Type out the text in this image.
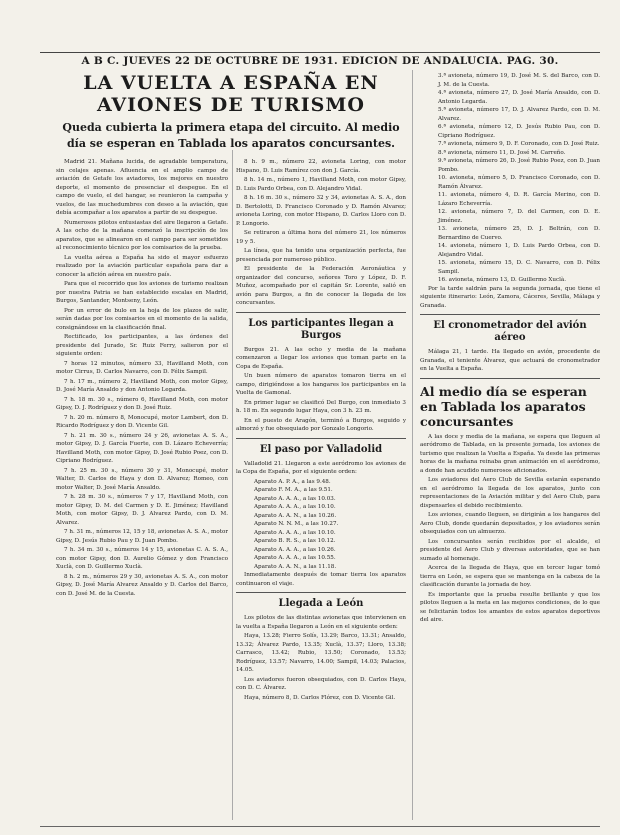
A B C. JUEVES 22 DE OCTUBRE DE 1931. EDICION DE ANDALUCIA. PAG. 30.
LA VUELTA A ESPAÑA EN AVIONES DE TURISMO
Queda cubierta la primera etapa del circuito. Al medio día se esperan en Tablada los aparatos concursantes.

Madrid 21. Mañana lucida, de agradable temperatura, sin celajes apenas. Afluencia en el amplio campo de aviación de Getafe los aviadores, los mejores en nuestro deporte, el momento de presenciar el despegue. En el campo de vuelo, el del hangar, se reunieron la campaña y vuelos, de las muchedumbres con deseo a la aviación, que debía acompañar a los aparatos a partir de su despegue.

Numerosos pilotos entusiastas del aire llegaron a Getafe. A las ocho de la mañana comenzó la inscripción de los aparatos, que se alinearon en el campo para ser sometidos al reconocimiento técnico por los comisarios de la prueba.

La vuelta aérea a España ha sido el mayor esfuerzo realizado por la aviación particular española para dar a conocer la afición aérea en nuestro país.

Para que el recorrido que los aviones de turismo realizan por nuestra Patria se han establecido escalas en Madrid, Burgos, Santander, Montseny, León.

Por un error de bulo en la hoja de los plazos de salir, serán dadas por los comisarios en el momento de la salida, consignándose en la clasificación final.

Rectificado, los participantes, a las órdenes del presidente del Jurado, Sr. Ruiz Ferry, salieron por el siguiente orden:

7 horas 12 minutos, número 33, Havilland Moth, con motor Cirrus, D. Carlos Navarro, con D. Félix Sampil.

7 h. 17 m., número 2, Havilland Moth, con motor Gipsy, D. José María Ansaldo y don Antonio Legarda.

7 h. 18 m. 30 s., número 6, Havilland Moth, con motor Gipsy, D. J. Rodríguez y don D. José Ruiz.

7 h. 20 m. número 8, Monocupé, motor Lambert, don D. Ricardo Rodríguez y don D. Vicente Gil.

7 h. 21 m. 30 s., número 24 y 26, avionetas A. S. A., motor Gipsy, D. J. García Fuerte, con D. Lázaro Echeverría; Havilland Moth, con motor Gipsy, D. José Rubio Poez, con D. Cipriano Rodríguez.

7 h. 25 m. 30 s., número 30 y 31, Monocupé, motor Walter, D. Carlos de Haya y don D. Alvarez; Romeo, con motor Walter, D. José María Ansaldo.

7 h. 28 m. 30 s., números 7 y 17, Havilland Moth, con motor Gipsy, D. M. del Carmen y D. E. Jiménez; Havilland Moth, con motor Gipsy, D. J. Alvarez Pardo, con D. M. Alvarez.

7 h. 31 m., números 12, 15 y 18, avionetas A. S. A., motor Gipsy, D. Jesús Rubio Pau y D. Juan Pombo.

7 h. 34 m. 30 s., números 14 y 15, avionetas C. A. S. A., con motor Gipsy, don D. Aurelio Gómez y don Francisco Xuclà, con D. Guillermo Xuclà.

8 h. 2 m., números 29 y 30, avionetas A. S. A., con motor Gipsy, D. José María Alvarez Ansaldo y D. Carlos del Barco, con D. José M. de la Cuesta.

8 h. 9 m., número 22, avioneta Loring, con motor Hispano, D. Luis Ramírez con don J. García.

8 h. 14 m., número 1, Havilland Moth, con motor Gipsy, D. Luis Pardo Orbea, con D. Alejandro Vidal.

8 h. 16 m. 30 s., número 32 y 34, avionetas A. S. A., don D. Bertolotti, D. Francisco Coronado y D. Ramón Alvarez; avioneta Loring, con motor Hispano, D. Carlos Lloro con D. P. Longorio.

Se retiraron a última hora del número 21, los números 19 y 5.

La línea, que ha tenido una organización perfecta, fue presenciada por numeroso público.

El presidente de la Federación Aeronáutica y organizador del concurso, señores Toro y López, D. F. Muñoz, acompañado por el capitán Sr. Lorente, salió en avión para Burgos, a fin de conocer la llegada de los concursantes.

Los participantes llegan a Burgos

Burgos 21. A las ocho y media de la mañana comenzaron a llegar los aviones que toman parte en la Copa de España.

Un buen número de aparatos tomaron tierra en el campo, dirigiéndose a los hangares los participantes en la Vuelta de Gamonal.

En primer lugar se clasificó Del Burgo, con inmediato 3 h. 18 m. En segundo lugar Haya, con 3 h. 23 m.

En el puesto de Aragón, terminó a Burgos, seguido y almorzó y fue obsequiado por Gonzalo Longorio.

El paso por Valladolid

Valladolid 21. Llegaron a este aeródromo los aviones de la Copa de España, por el siguiente orden:

Aparato A. P. A., a las 9.48.
Aparato F. M. A., a las 9.51.
Aparato A. A. A., a las 10.03.
Aparato A. A. A., a las 10.10.
Aparato A. A. N., a las 10.26.
Aparato N. N. M., a las 10.27.
Aparato A. A. A., a las 10.10.
Aparato B. R. S., a las 10.12.
Aparato A. A. A., a las 10.26.
Aparato A. A. A., a las 10.55.
Aparato A. A. N., a las 11.18.

Inmediatamente después de tomar tierra los aparatos continuaron el viaje.

Llegada a León

Los pilotos de las distintas avionetas que intervienen en la vuelta a España llegaron a León en el siguiente orden:

Haya, 13.28; Fierro Solís, 13.29; Barco, 13.31; Ansaldo, 13.32; Álvarez Pardo, 13.35; Xuclà, 13.37; Lloro, 13.38; Carrasco, 13.42; Rubio, 13.50; Coronado, 13.53; Rodríguez, 13.57; Navarro, 14.00; Sampil, 14.03; Palacios, 14.05.

Los aviadores fueron obsequiados, con D. Carlos Haya, con D. C. Álvarez.

Haya, número 8, D. Carlos Flórez, con D. Vicente Gil.

3.ª avioneta, número 19, D. José M. S. del Barco, con D. J. M. de la Cuesta.
4.ª avioneta, número 27, D. José María Ansaldo, con D. Antonio Legarda.
5.ª avioneta, número 17, D. J. Alvarez Pardo, con D. M. Alvarez.
6.ª avioneta, número 12, D. Jesús Rubio Pau, con D. Cipriano Rodríguez.
7.ª avioneta, número 9, D. F. Coronado, con D. José Ruiz.
8.ª avioneta, número 11, D. José M. Carreño.
9.ª avioneta, número 26, D. José Rubio Poez, con D. Juan Pombo.
10. avioneta, número 5, D. Francisco Coronado, con D. Ramón Álvarez.
11. avioneta, número 4, D. R. García Merino, con D. Lázaro Echeverría.
12. avioneta, número 7, D. del Carmen, con D. E. Jiménez.
13. avioneta, número 25, D. J. Beltrán, con D. Bernardino de Cuervo.
14. avioneta, número 1, D. Luis Pardo Orbea, con D. Alejandro Vidal.
15. avioneta, número 15, D. C. Navarro, con D. Félix Sampil.
16. avioneta, número 13, D. Guillermo Xuclà.

Por la tarde saldrán para la segunda jornada, que tiene el siguiente itinerario: León, Zamora, Cáceres, Sevilla, Málaga y Granada.

El cronometrador del avión aéreo

Málaga 21, 1 tarde. Ha llegado en avión, procedente de Granada, el teniente Álvarez, que actuará de cronometrador en la Vuelta a España.

Al medio día se esperan en Tablada los aparatos concursantes

A las doce y media de la mañana, se espera que lleguen al aeródromo de Tablada, en la presente jornada, los aviones de turismo que realizan la Vuelta a España. Ya desde las primeras horas de la mañana reinaba gran animación en el aeródromo, a donde han acudido numerosos aficionados.

Los aviadores del Aero Club de Sevilla estarán esperando en el aeródromo la llegada de los aparatos, junto con representaciones de la Aviación militar y del Aero Club, para dispensarles el debido recibimiento.

Los aviones, cuando lleguen, se dirigirán a los hangares del Aero Club, donde quedarán depositados, y los aviadores serán obsequiados con un almuerzo.

Los concursantes serán recibidos por el alcalde, el presidente del Aero Club y diversas autoridades, que se han sumado al homenaje.

Acerca de la llegada de Haya, que en tercer lugar tomó tierra en León, se espera que se mantenga en la cabeza de la clasificación durante la jornada de hoy.

Es importante que la prueba resulte brillante y que los pilotos lleguen a la meta en las mejores condiciones, de lo que se felicitarán todos los amantes de estos aparatos deportivos del aire.
